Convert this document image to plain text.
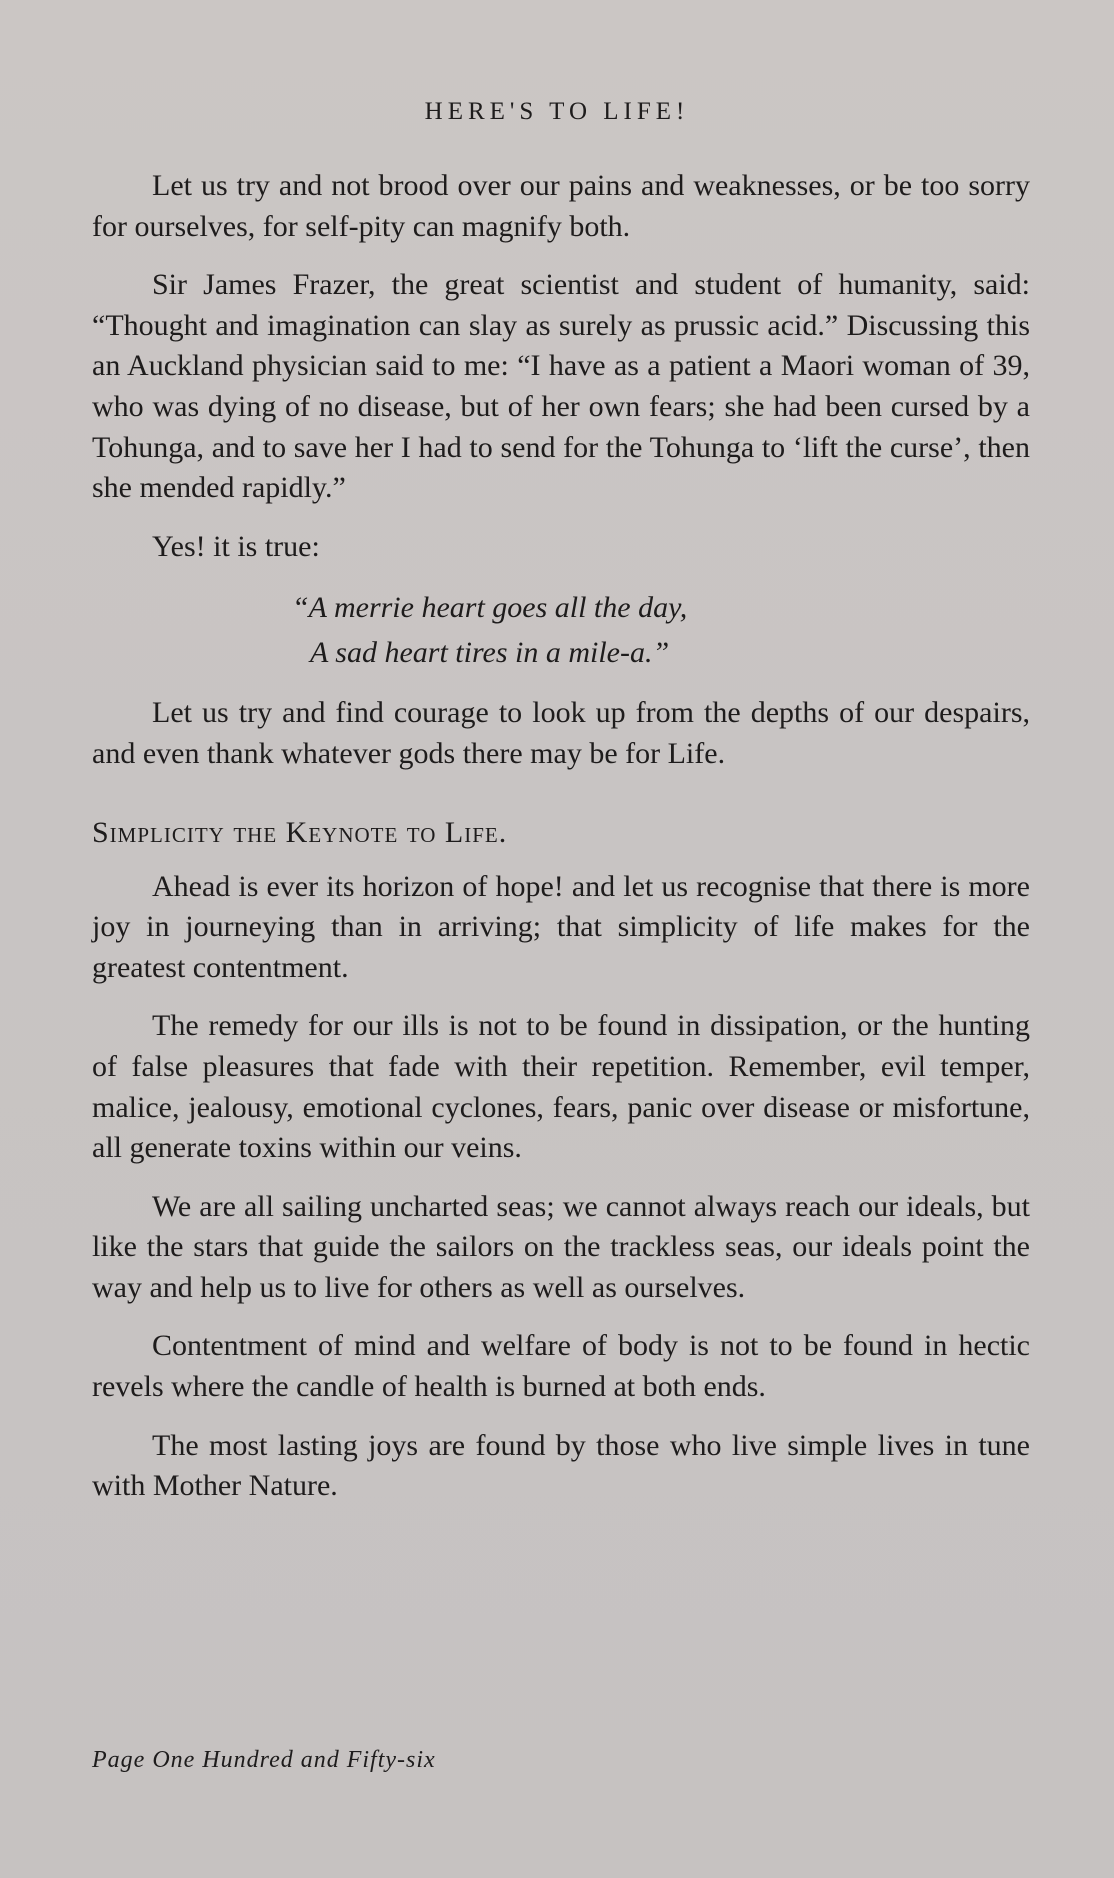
HERE'S TO LIFE!

Let us try and not brood over our pains and weaknesses, or be too sorry for ourselves, for self-pity can magnify both.

Sir James Frazer, the great scientist and student of humanity, said: “Thought and imagination can slay as surely as prussic acid.” Discussing this an Auckland physician said to me: “I have as a patient a Maori woman of 39, who was dying of no disease, but of her own fears; she had been cursed by a Tohunga, and to save her I had to send for the Tohunga to ‘lift the curse’, then she mended rapidly.”

Yes! it is true:

“A merrie heart goes all the day,
A sad heart tires in a mile-a.”

Let us try and find courage to look up from the depths of our despairs, and even thank whatever gods there may be for Life.

Simplicity the Keynote to Life.

Ahead is ever its horizon of hope! and let us recognise that there is more joy in journeying than in arriving; that simplicity of life makes for the greatest contentment.

The remedy for our ills is not to be found in dissipation, or the hunting of false pleasures that fade with their repetition. Remember, evil temper, malice, jealousy, emotional cyclones, fears, panic over disease or misfortune, all generate toxins within our veins.

We are all sailing uncharted seas; we cannot always reach our ideals, but like the stars that guide the sailors on the trackless seas, our ideals point the way and help us to live for others as well as ourselves.

Contentment of mind and welfare of body is not to be found in hectic revels where the candle of health is burned at both ends.

The most lasting joys are found by those who live simple lives in tune with Mother Nature.

Page One Hundred and Fifty-six
